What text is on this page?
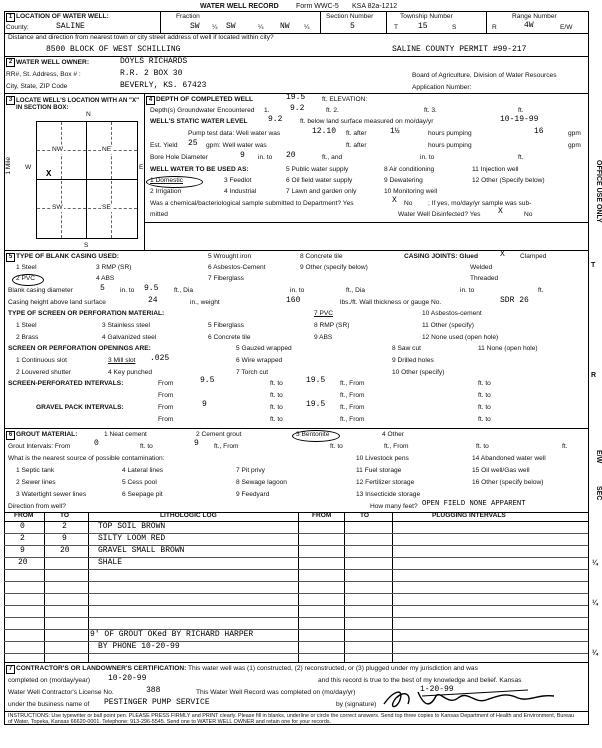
WATER WELL RECORD Form WWC-5 KSA 82a-1212
1 LOCATION OF WATER WELL:
County:	SALINE
Fraction
SW ¼ SW	¼ NW ¼
Section Number
5
Township Number
T 15	S
Range Number
R	4W	E/W
Distance and direction from nearest town or city street address of well if located within city?
8500 BLOCK OF WEST SCHILLING	SALINE COUNTY PERMIT #99-217
2 WATER WELL OWNER:	DOYLS RICHARDS
RR#, St. Address, Box # :	R.R. 2 BOX 30
City, State, ZIP Code	BEVERLY, KS. 67423
Board of Agriculture, Division of Water Resources
Application Number:
3 LOCATE WELL'S LOCATION WITH AN "X" IN SECTION BOX:
N
S
W	E
1 Mile
NW	NE
SW	SE
X
4 DEPTH OF COMPLETED WELL	19.5	ft. ELEVATION:
Depth(s) Groundwater Encountered 1.	9.2	ft. 2.	ft. 3.	ft.
WELL'S STATIC WATER LEVEL	9.2	ft. below land surface measured on mo/day/yr	10-19-99
Pump test data: Well water was	12.10 ft. after	1½	hours pumping	16	gpm
Est. Yield 25 gpm: Well water was	ft. after	hours pumping	gpm
Bore Hole Diameter	9 in. to 20	ft., and	in. to	ft.
WELL WATER TO BE USED AS:
1 Domestic
2 Irrigation
3 Feedlot
4 Industrial
5 Public water supply
6 Oil field water supply
7 Lawn and garden only
8 Air conditioning
9 Dewatering
10 Monitoring well
11 Injection well
12 Other (Specify below)
Was a chemical/bacteriological sample submitted to Department? Yes	X No ; If yes, mo/day/yr sample was sub-
mitted	Water Well Disinfected? Yes X	No
5 TYPE OF BLANK CASING USED:
1 Steel
2 PVC
3 RMP (SR)
4 ABS
5 Wrought iron
6 Asbestos-Cement
7 Fiberglass
8 Concrete tile
9 Other (specify below)
CASING JOINTS: Glued	X Clamped
Welded
Threaded
Blank casing diameter	5 in. to 9.5 ft., Dia	in. to	ft., Dia	in. to	ft.
Casing height above land surface	24	in., weight	160	lbs./ft. Wall thickness or gauge No.	SDR 26
TYPE OF SCREEN OR PERFORATION MATERIAL:
1 Steel
2 Brass
3 Stainless steel
4 Galvanized steel
5 Fiberglass
6 Concrete tile
7 PVC
8 RMP (SR)
9 ABS
10 Asbestos-cement
11 Other (specify)
12 None used (open hole)
SCREEN OR PERFORATION OPENINGS ARE:
1 Continuous slot
2 Louvered shutter
3 Mill slot .025
4 Key punched
5 Gauzed wrapped
6 Wire wrapped
7 Torch cut
8 Saw cut
9 Drilled holes
10 Other (specify)
11 None (open hole)
SCREEN-PERFORATED INTERVALS:	From	9.5	ft. to	19.5 ft., From	ft. to
From	ft. to	ft., From	ft. to
GRAVEL PACK INTERVALS:	From	9	ft. to	19.5 ft., From	ft. to
From	ft. to	ft., From	ft. to
6 GROUT MATERIAL:	1 Neat cement	2 Cement grout	3 Bentonite	4 Other
Grout Intervals: From	0	ft. to	9 ft., From	ft. to	ft., From	ft. to	ft.
What is the nearest source of possible contamination:
1 Septic tank
2 Sewer lines
3 Watertight sewer lines
4 Lateral lines
5 Cess pool
6 Seepage pit
7 Pit privy
8 Sewage lagoon
9 Feedyard
10 Livestock pens
11 Fuel storage
12 Fertilizer storage
13 Insecticide storage
14 Abandoned water well
15 Oil well/Gas well
16 Other (specify below)
Direction from well?	How many feet? OPEN FIELD NONE APPARENT
FROM	TO	LITHOLOGIC LOG	FROM	TO	PLUGGING INTERVALS
0	2	TOP SOIL BROWN
2	9	SILTY LOOM RED
9	20	GRAVEL SMALL BROWN
20	SHALE
9' OF GROUT OKed BY RICHARD HARPER
BY PHONE 10-20-99
7 CONTRACTOR'S OR LANDOWNER'S CERTIFICATION: This water well was (1) constructed, (2) reconstructed, or (3) plugged under my jurisdiction and was
completed on (mo/day/year) 10-20-99	and this record is true to the best of my knowledge and belief. Kansas
Water Well Contractor's License No.	388	This Water Well Record was completed on (mo/day/yr)	1-20-99
under the business name of PESTINGER PUMP SERVICE	by (signature)
INSTRUCTIONS: Use typewriter or ball point pen. PLEASE PRESS FIRMLY and PRINT clearly. Please fill in blanks, underline or circle the correct answers. Send top three copies to Kansas Department of Health and Environment, Bureau of Water, Topeka, Kansas 66620-0001. Telephone: 913-296-5545. Send one to WATER WELL OWNER and retain one for your records.
OFFICE USE ONLY
T
R
E/W
SEC
¼
¼
¼
